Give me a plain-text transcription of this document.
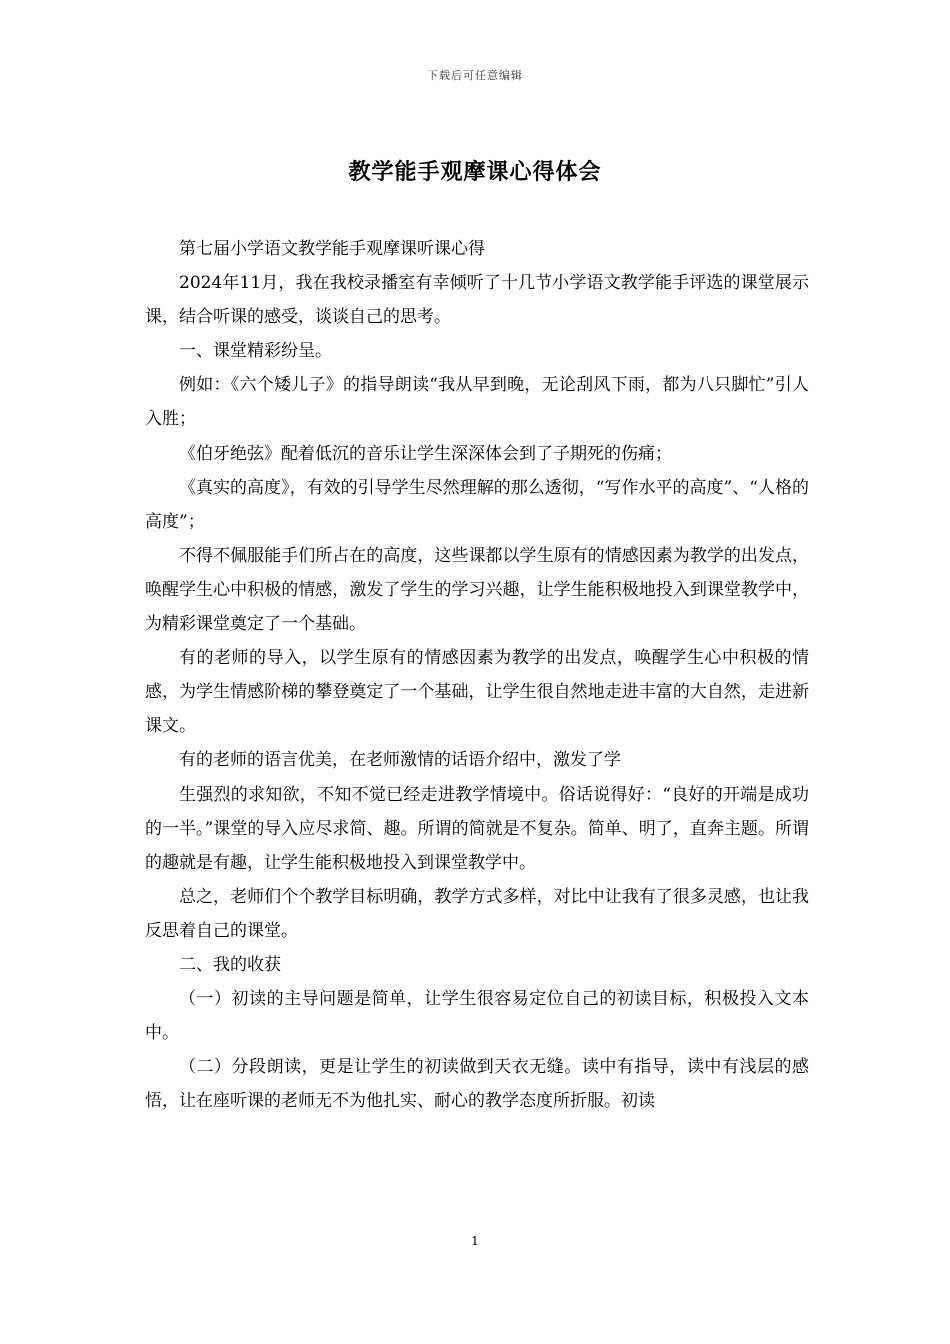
下载后可任意编辑
教学能手观摩课心得体会

第七届小学语文教学能手观摩课听课心得

2024年11月，我在我校录播室有幸倾听了十几节小学语文教学能手评选的课堂展示课，结合听课的感受，谈谈自己的思考。

一、课堂精彩纷呈。

例如：《六个矮儿子》的指导朗读“我从早到晚，无论刮风下雨，都为八只脚忙”引人入胜；

《伯牙绝弦》配着低沉的音乐让学生深深体会到了子期死的伤痛；

《真实的高度》，有效的引导学生尽然理解的那么透彻，“写作水平的高度”、“人格的高度”；

不得不佩服能手们所占在的高度，这些课都以学生原有的情感因素为教学的出发点，唤醒学生心中积极的情感，激发了学生的学习兴趣，让学生能积极地投入到课堂教学中，为精彩课堂奠定了一个基础。

有的老师的导入，以学生原有的情感因素为教学的出发点，唤醒学生心中积极的情感，为学生情感阶梯的攀登奠定了一个基础，让学生很自然地走进丰富的大自然，走进新课文。

有的老师的语言优美，在老师激情的话语介绍中，激发了学

生强烈的求知欲，不知不觉已经走进教学情境中。俗话说得好：“良好的开端是成功的一半。”课堂的导入应尽求简、趣。所谓的简就是不复杂。简单、明了，直奔主题。所谓的趣就是有趣，让学生能积极地投入到课堂教学中。

总之，老师们个个教学目标明确，教学方式多样，对比中让我有了很多灵感，也让我反思着自己的课堂。

二、我的收获

（一）初读的主导问题是简单，让学生很容易定位自己的初读目标，积极投入文本中。

（二）分段朗读，更是让学生的初读做到天衣无缝。读中有指导，读中有浅层的感悟，让在座听课的老师无不为他扎实、耐心的教学态度所折服。初读

1
